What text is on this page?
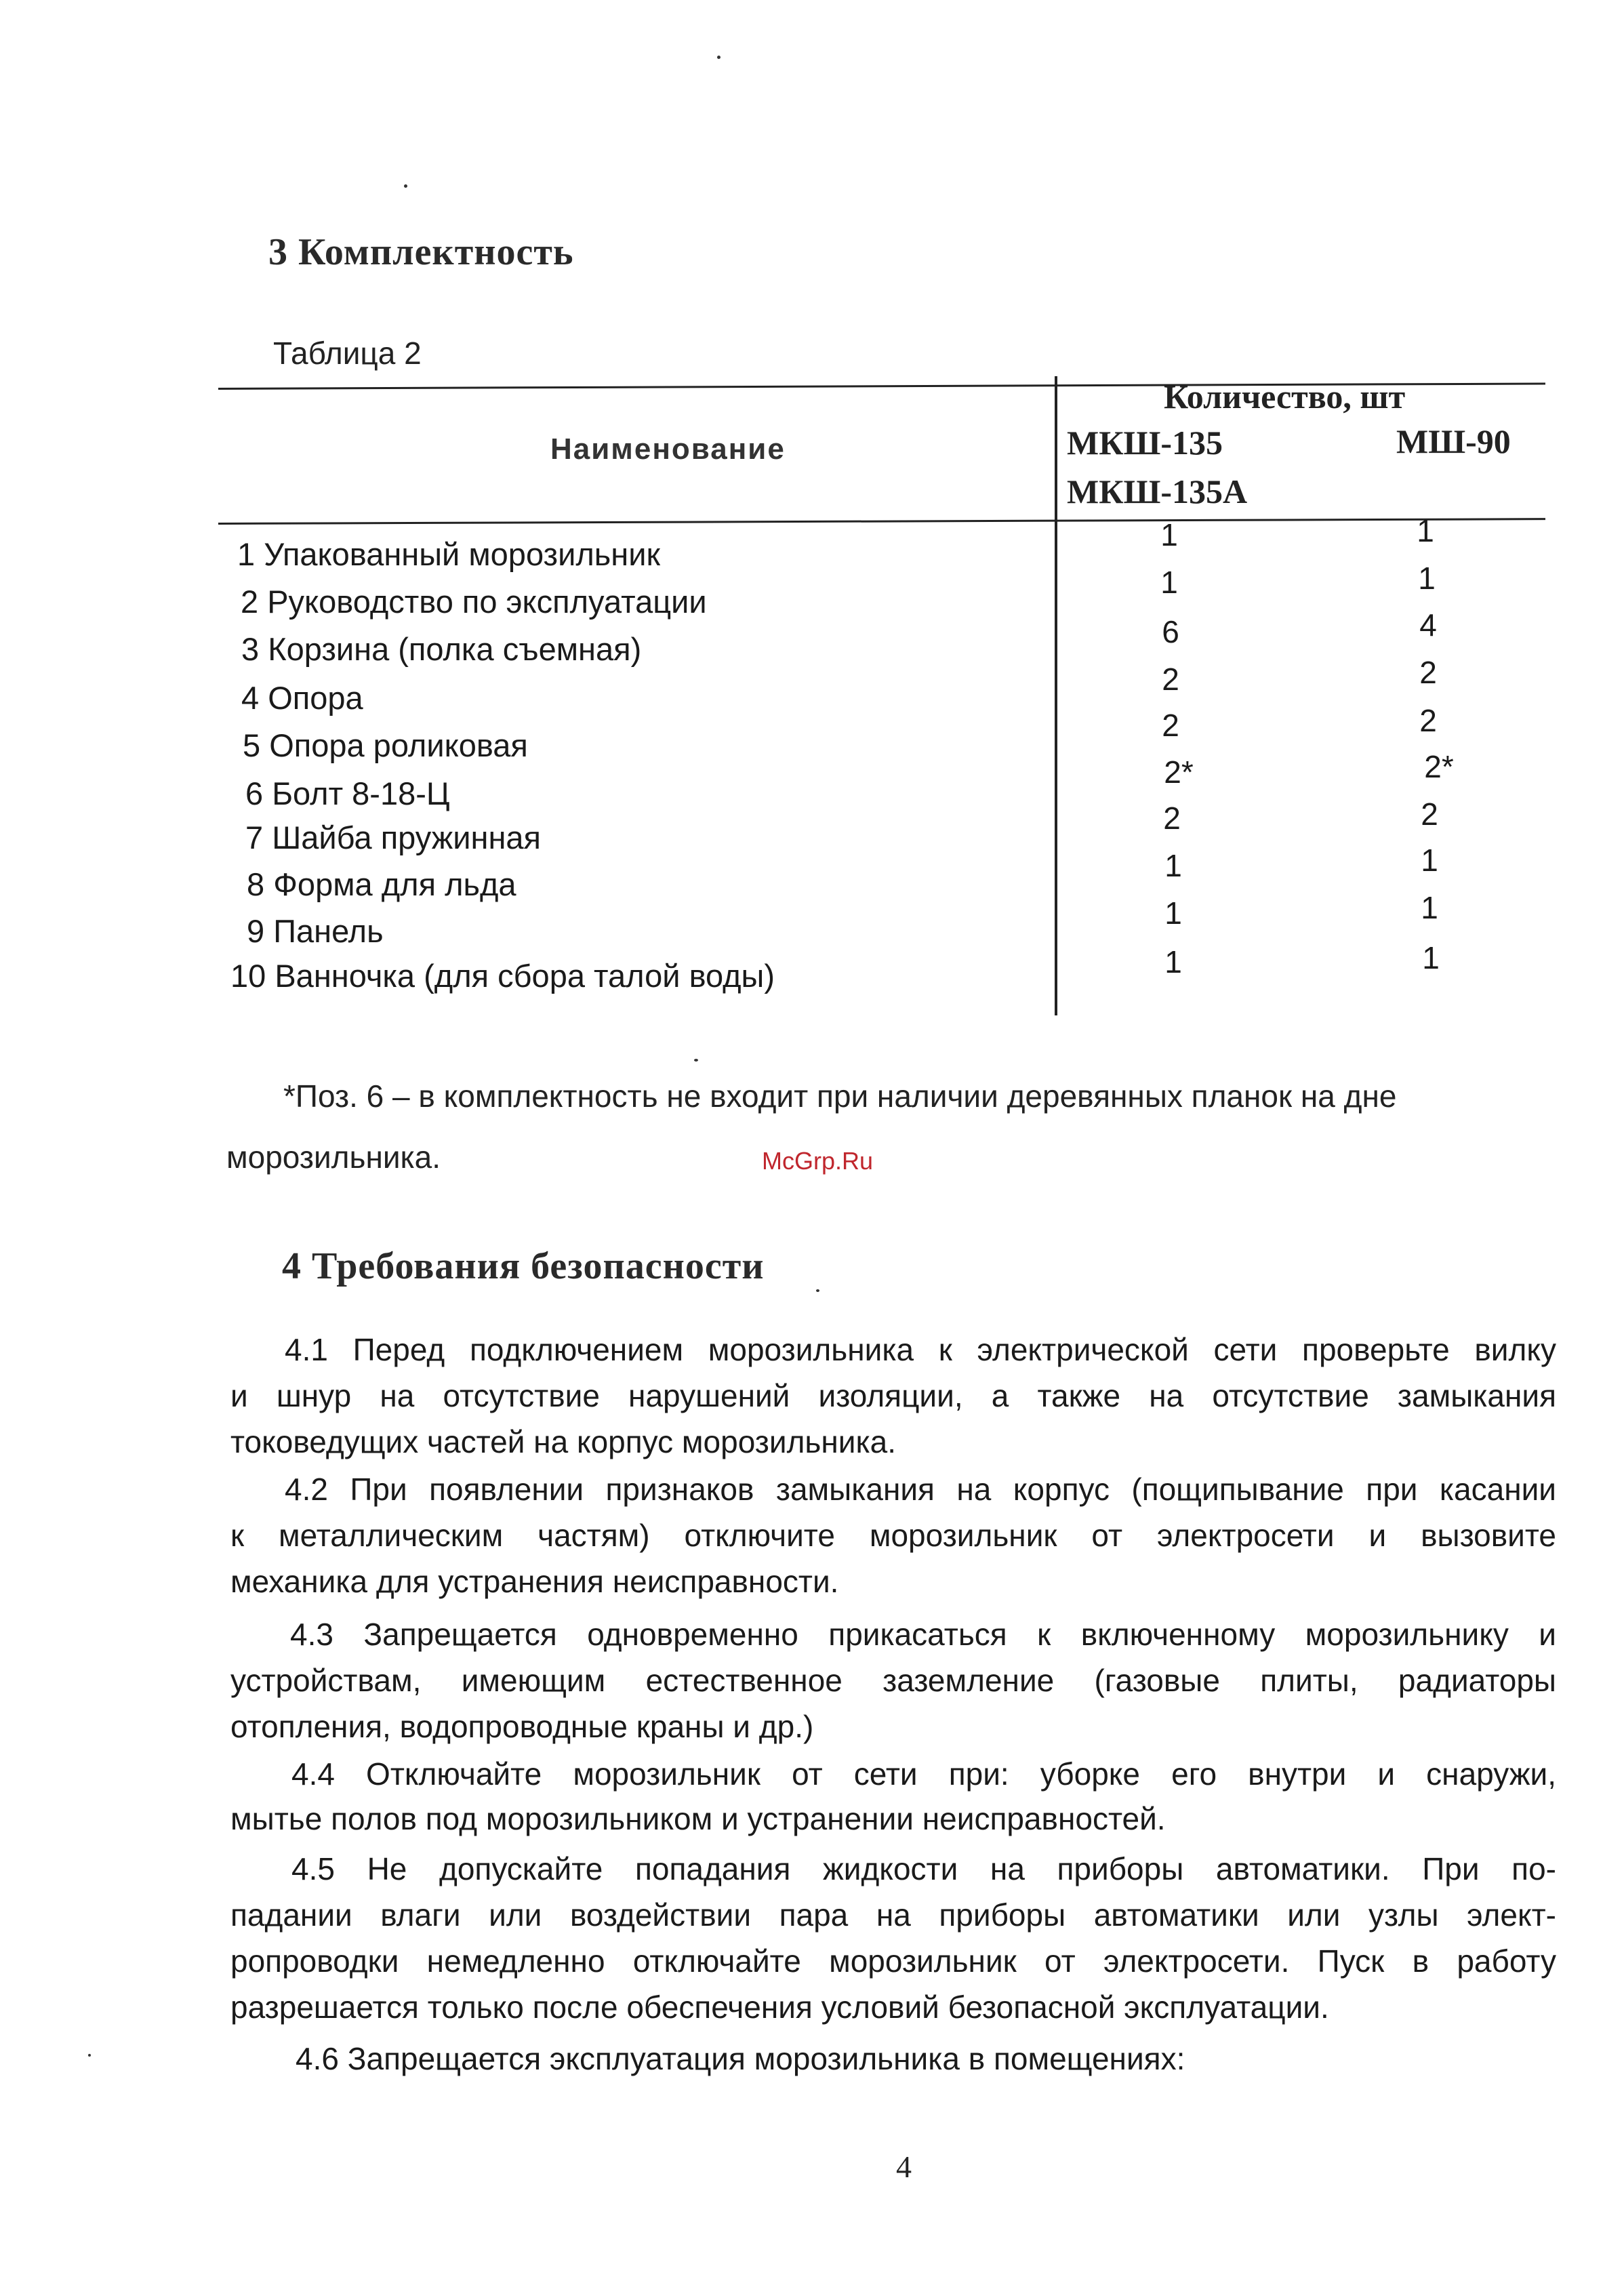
3 Комплектность
Таблица 2
Наименование
Количество, шт
МКШ-135
МКШ-135А
МШ-90
1 Упакованный морозильник
2 Руководство по эксплуатации
3 Корзина (полка съемная)
4 Опора
5 Опора роликовая
6 Болт 8-18-Ц
7 Шайба пружинная
8 Форма для льда
9 Панель
10 Ванночка (для сбора талой воды)
1
1
6
2
2
2*
2
1
1
1
1
1
4
2
2
2*
2
1
1
1
*Поз. 6 – в комплектность не входит при наличии деревянных планок на дне
морозильника.	McGrp.Ru
4 Требования безопасности
4.1 Перед подключением морозильника к электрической сети проверьте вилку
и шнур на отсутствие нарушений изоляции, а также на отсутствие замыкания
токоведущих частей на корпус морозильника.
4.2 При появлении признаков замыкания на корпус (пощипывание при касании
к металлическим частям) отключите морозильник от электросети и вызовите
механика для устранения неисправности.
4.3 Запрещается одновременно прикасаться к включенному морозильнику и
устройствам, имеющим естественное заземление (газовые плиты, радиаторы
отопления, водопроводные краны и др.)
4.4 Отключайте морозильник от сети при: уборке его внутри и снаружи,
мытье полов под морозильником и устранении неисправностей.
4.5 Не допускайте попадания жидкости на приборы автоматики. При по-
падании влаги или воздействии пара на приборы автоматики или узлы элект-
ропроводки немедленно отключайте морозильник от электросети. Пуск в работу
разрешается только после обеспечения условий безопасной эксплуатации.
4.6 Запрещается эксплуатация морозильника в помещениях:
4
